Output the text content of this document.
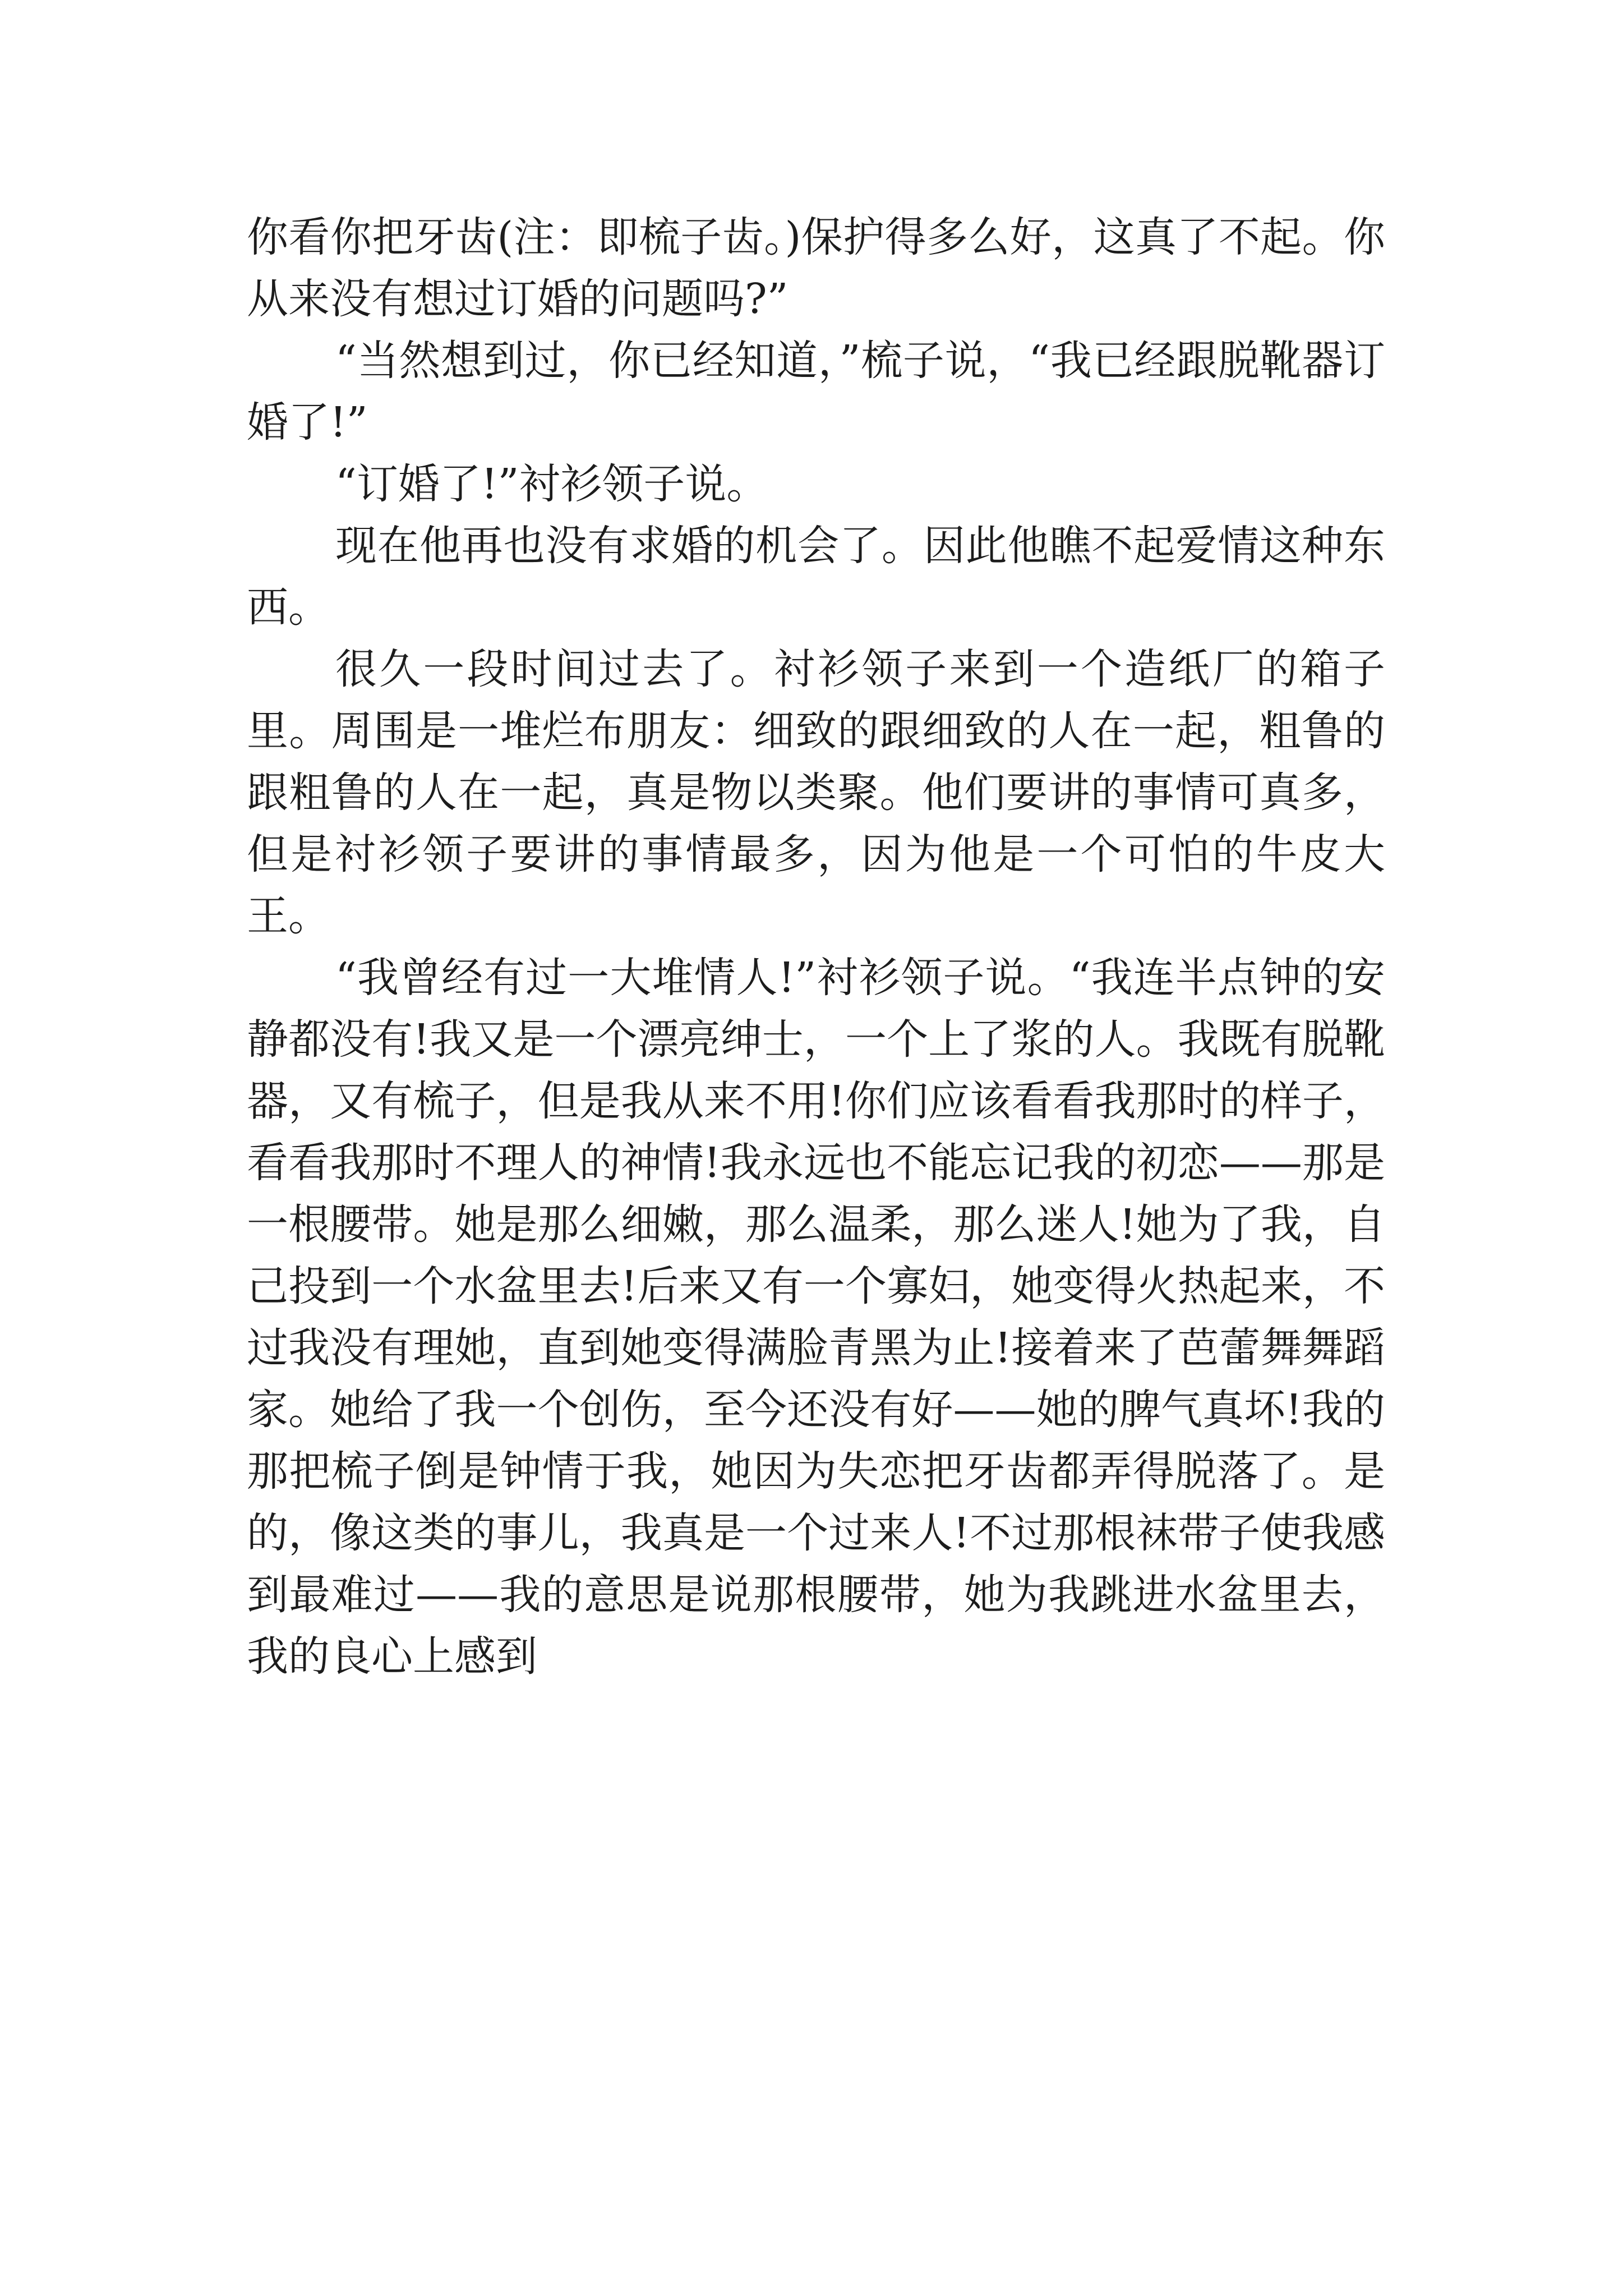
你看你把牙齿(注：即梳子齿。)保护得多么好，这真了不起。你从来没有想过订婚的问题吗?”

“当然想到过，你已经知道，”梳子说，“我已经跟脱靴器订婚了!”

“订婚了!”衬衫领子说。

现在他再也没有求婚的机会了。因此他瞧不起爱情这种东西。

很久一段时间过去了。衬衫领子来到一个造纸厂的箱子里。周围是一堆烂布朋友：细致的跟细致的人在一起，粗鲁的跟粗鲁的人在一起，真是物以类聚。他们要讲的事情可真多，但是衬衫领子要讲的事情最多，因为他是一个可怕的牛皮大王。

“我曾经有过一大堆情人!”衬衫领子说。“我连半点钟的安静都没有!我又是一个漂亮绅士，一个上了浆的人。我既有脱靴器，又有梳子，但是我从来不用!你们应该看看我那时的样子，看看我那时不理人的神情!我永远也不能忘记我的初恋——那是一根腰带。她是那么细嫩，那么温柔，那么迷人!她为了我，自己投到一个水盆里去!后来又有一个寡妇，她变得火热起来，不过我没有理她，直到她变得满脸青黑为止!接着来了芭蕾舞舞蹈家。她给了我一个创伤，至今还没有好——她的脾气真坏!我的那把梳子倒是钟情于我，她因为失恋把牙齿都弄得脱落了。是的，像这类的事儿，我真是一个过来人!不过那根袜带子使我感到最难过——我的意思是说那根腰带，她为我跳进水盆里去，我的良心上感到
